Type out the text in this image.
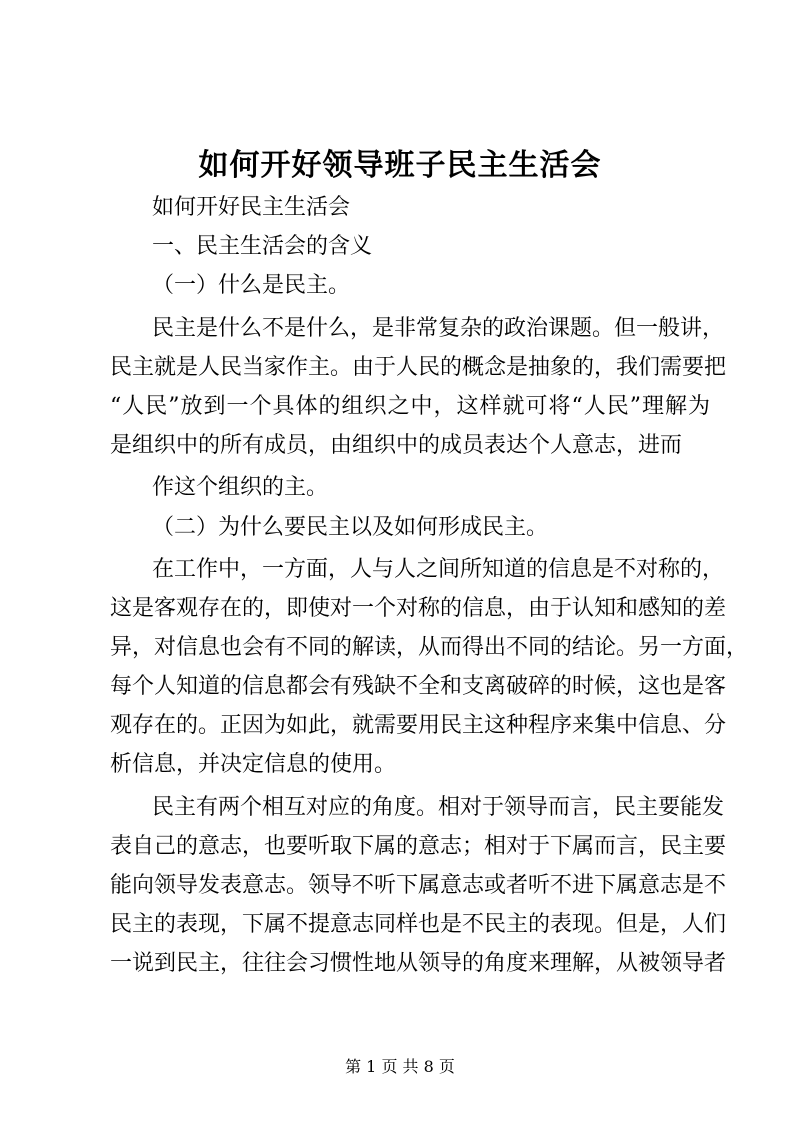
如何开好领导班子民主生活会
如何开好民主生活会
一、民主生活会的含义
（一）什么是民主。
民主是什么不是什么，是非常复杂的政治课题。但一般讲，
民主就是人民当家作主。由于人民的概念是抽象的，我们需要把
“人民”放到一个具体的组织之中，这样就可将“人民”理解为
是组织中的所有成员，由组织中的成员表达个人意志，进而
作这个组织的主。
（二）为什么要民主以及如何形成民主。
在工作中，一方面，人与人之间所知道的信息是不对称的，
这是客观存在的，即使对一个对称的信息，由于认知和感知的差
异，对信息也会有不同的解读，从而得出不同的结论。另一方面，
每个人知道的信息都会有残缺不全和支离破碎的时候，这也是客
观存在的。正因为如此，就需要用民主这种程序来集中信息、分
析信息，并决定信息的使用。
民主有两个相互对应的角度。相对于领导而言，民主要能发
表自己的意志，也要听取下属的意志；相对于下属而言，民主要
能向领导发表意志。领导不听下属意志或者听不进下属意志是不
民主的表现，下属不提意志同样也是不民主的表现。但是，人们
一说到民主，往往会习惯性地从领导的角度来理解，从被领导者
第 1 页 共 8 页
